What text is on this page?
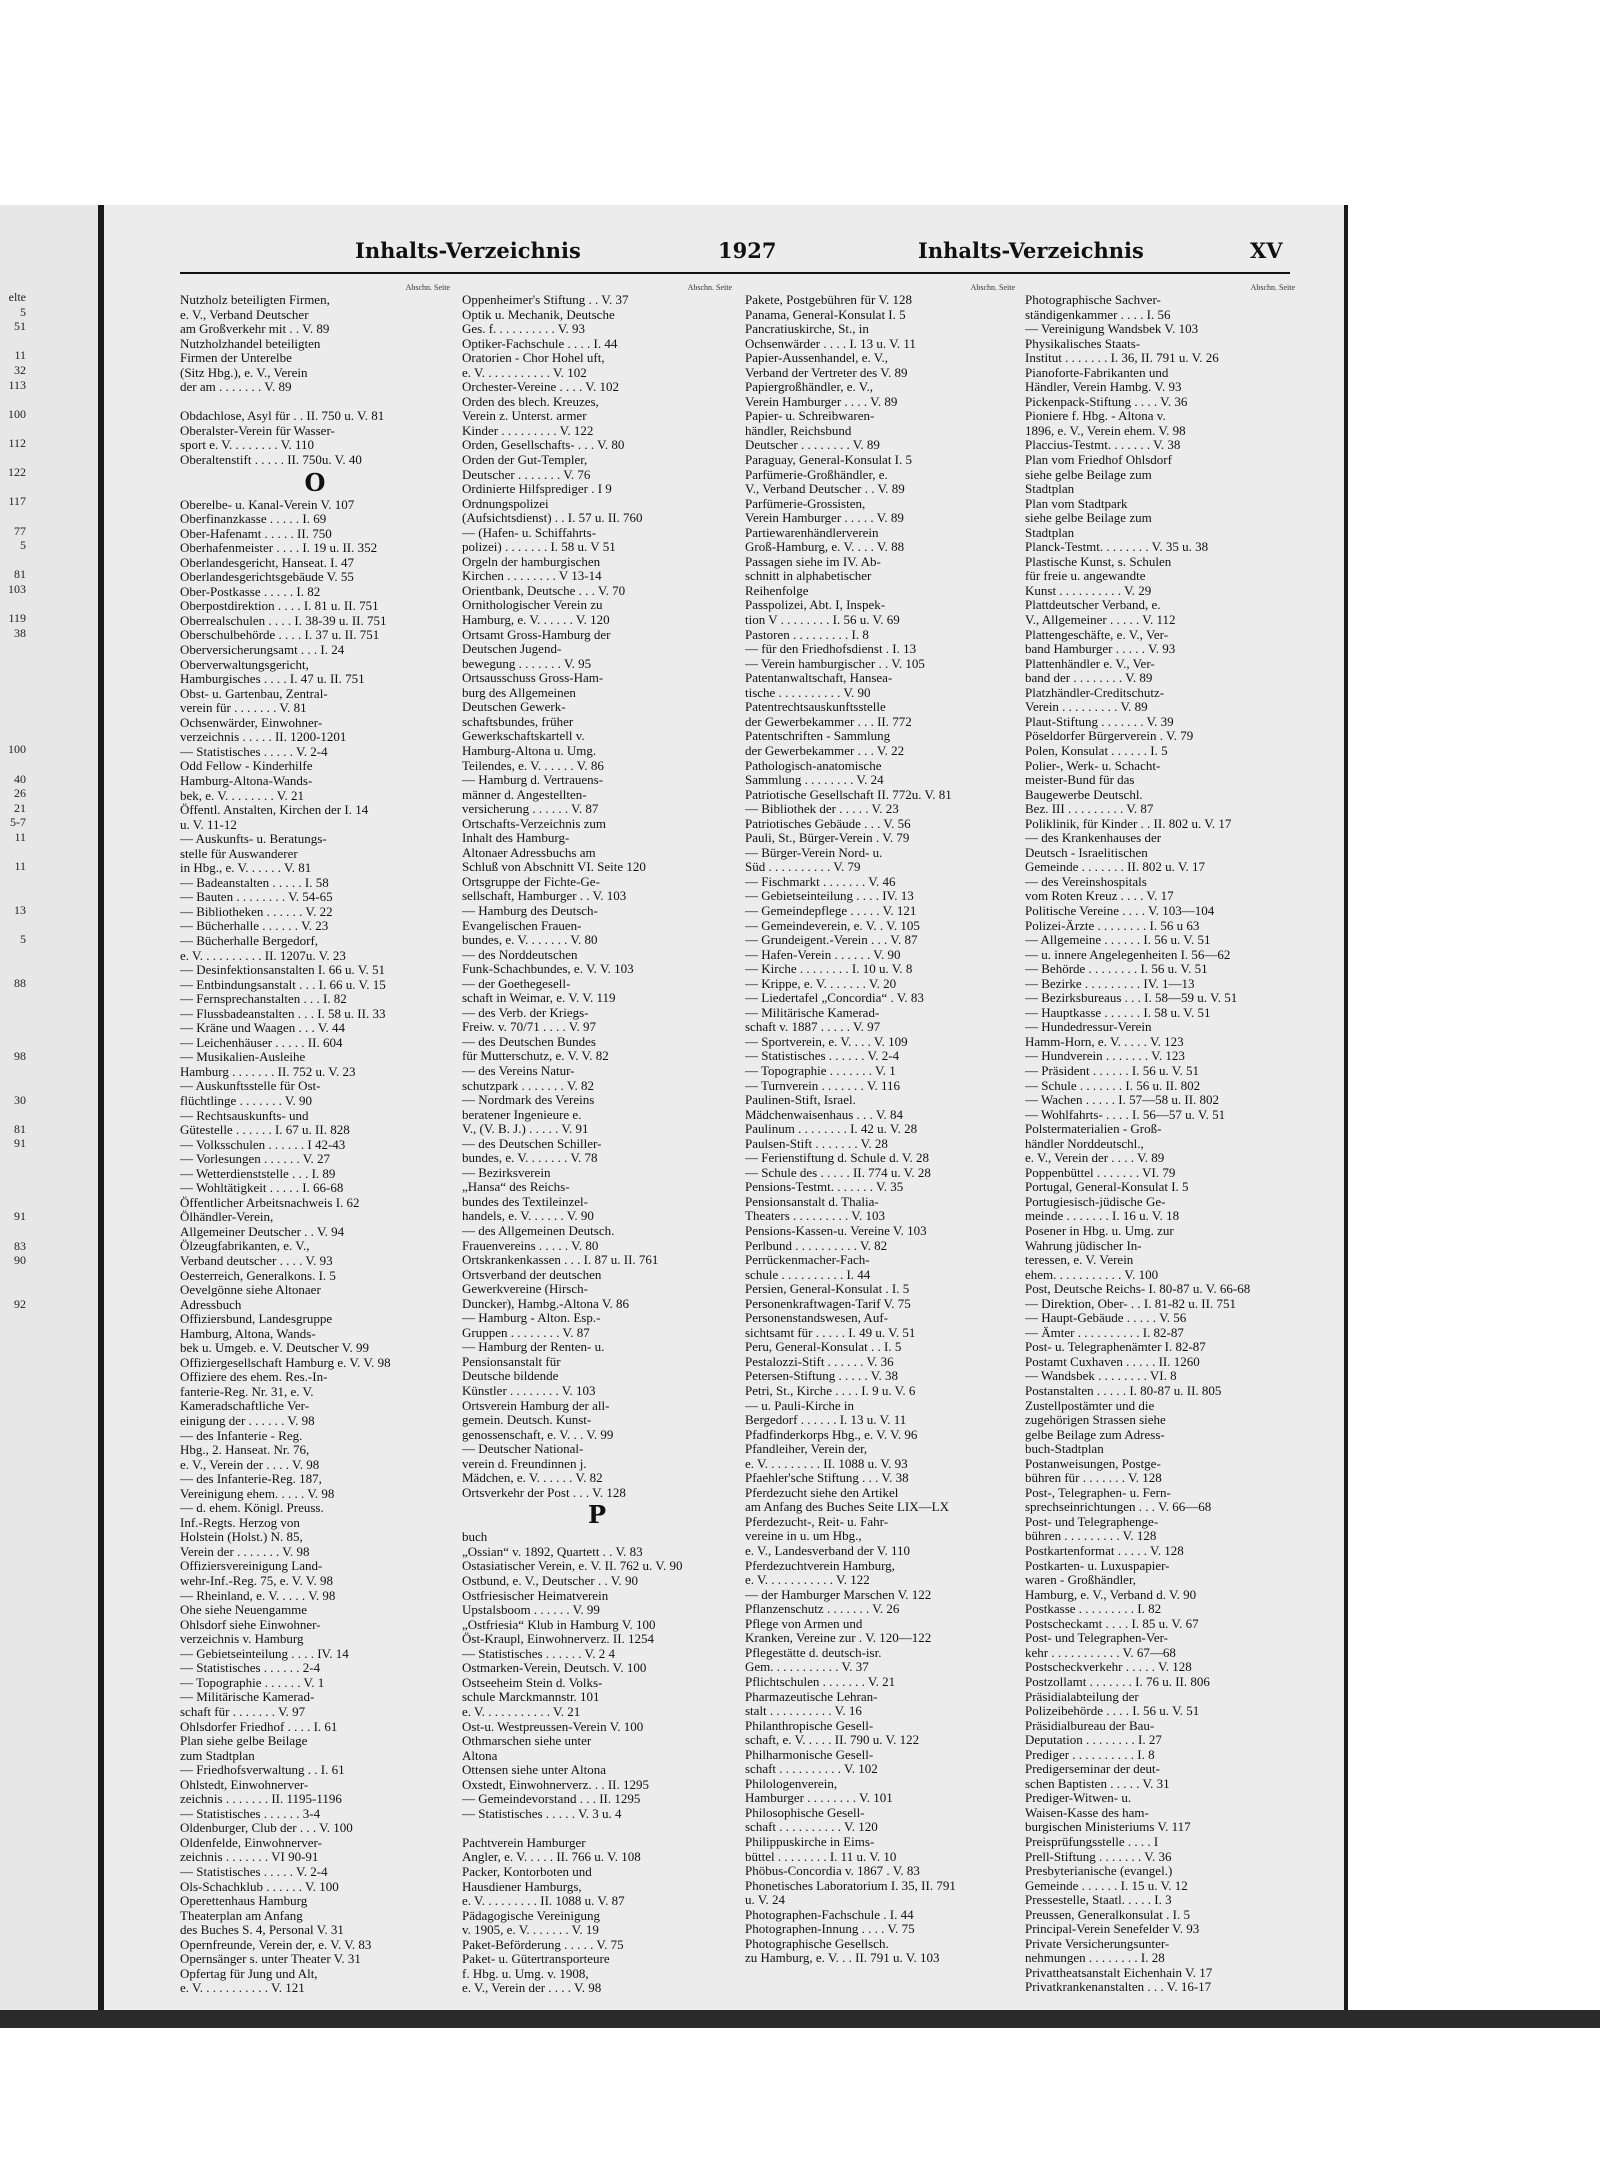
elte
5
51

11
32
113

100

112

122

117

77
5

81
103

119
38

100

40
26
21
5-7
11

11

13

5

88

98

30

81
91

91

83
90

92

Inhalts-Verzeichnis	1927	Inhalts-Verzeichnis	XV
Abschn. Seite
Nutzholz beteiligten Firmen,
e. V., Verband Deutscher
am Großverkehr mit . . V. 89
Nutzholzhandel beteiligten
Firmen der Unterelbe
(Sitz Hbg.), e. V., Verein
der am . . . . . . . V. 89

Obdachlose, Asyl für . . II. 750 u. V. 81
Oberalster-Verein für Wasser-
sport e. V. . . . . . . . V. 110
Oberaltenstift . . . . . II. 750u. V. 40
O
Oberelbe- u. Kanal-Verein V. 107
Oberfinanzkasse . . . . . I. 69
Ober-Hafenamt . . . . . II. 750
Oberhafenmeister . . . . I. 19 u. II. 352
Oberlandesgericht, Hanseat. I. 47
Oberlandesgerichtsgebäude V. 55
Ober-Postkasse . . . . . I. 82
Oberpostdirektion . . . . I. 81 u. II. 751
Oberrealschulen . . . . I. 38-39 u. II. 751
Oberschulbehörde . . . . I. 37 u. II. 751
Oberversicherungsamt . . . I. 24
Oberverwaltungsgericht,
Hamburgisches . . . . I. 47 u. II. 751
Obst- u. Gartenbau, Zentral-
verein für . . . . . . . V. 81
Ochsenwärder, Einwohner-
verzeichnis . . . . . II. 1200-1201
— Statistisches . . . . . V. 2-4
Odd Fellow - Kinderhilfe
Hamburg-Altona-Wands-
bek, e. V. . . . . . . . V. 21
Öffentl. Anstalten, Kirchen der I. 14
u. V. 11-12
— Auskunfts- u. Beratungs-
stelle für Auswanderer
in Hbg., e. V. . . . . . V. 81
— Badeanstalten . . . . . I. 58
— Bauten . . . . . . . . V. 54-65
— Bibliotheken . . . . . . V. 22
— Bücherhalle . . . . . . V. 23
— Bücherhalle Bergedorf,
e. V. . . . . . . . . . II. 1207u. V. 23
— Desinfektionsanstalten I. 66 u. V. 51
— Entbindungsanstalt . . . I. 66 u. V. 15
— Fernsprechanstalten . . . I. 82
— Flussbadeanstalten . . . I. 58 u. II. 33
— Kräne und Waagen . . . V. 44
— Leichenhäuser . . . . . II. 604
— Musikalien-Ausleihe
Hamburg . . . . . . . II. 752 u. V. 23
— Auskunftsstelle für Ost-
flüchtlinge . . . . . . . V. 90
— Rechtsauskunfts- und
Gütestelle . . . . . . I. 67 u. II. 828
— Volksschulen . . . . . . I 42-43
— Vorlesungen . . . . . . V. 27
— Wetterdienststelle . . . I. 89
— Wohltätigkeit . . . . . I. 66-68
Öffentlicher Arbeitsnachweis I. 62
Ölhändler-Verein,
Allgemeiner Deutscher . . V. 94
Ölzeugfabrikanten, e. V.,
Verband deutscher . . . . V. 93
Oesterreich, Generalkons. I. 5
Oevelgönne siehe Altonaer
Adressbuch
Offiziersbund, Landesgruppe
Hamburg, Altona, Wands-
bek u. Umgeb. e. V. Deutscher V. 99
Offiziergesellschaft Hamburg e. V. V. 98
Offiziere des ehem. Res.-In-
fanterie-Reg. Nr. 31, e. V.
Kameradschaftliche Ver-
einigung der . . . . . . V. 98
— des Infanterie - Reg.
Hbg., 2. Hanseat. Nr. 76,
e. V., Verein der . . . . V. 98
— des Infanterie-Reg. 187,
Vereinigung ehem. . . . . V. 98
— d. ehem. Königl. Preuss.
Inf.-Regts. Herzog von
Holstein (Holst.) N. 85,
Verein der . . . . . . . V. 98
Offiziersvereinigung Land-
wehr-Inf.-Reg. 75, e. V. V. 98
— Rheinland, e. V. . . . . V. 98
Ohe siehe Neuengamme
Ohlsdorf siehe Einwohner-
verzeichnis v. Hamburg
— Gebietseinteilung . . . . IV. 14
— Statistisches . . . . . . 2-4
— Topographie . . . . . . V. 1
— Militärische Kamerad-
schaft für . . . . . . . V. 97
Ohlsdorfer Friedhof . . . . I. 61
Plan siehe gelbe Beilage
zum Stadtplan
— Friedhofsverwaltung . . I. 61
Ohlstedt, Einwohnerver-
zeichnis . . . . . . . II. 1195-1196
— Statistisches . . . . . . 3-4
Oldenburger, Club der . . . V. 100
Oldenfelde, Einwohnerver-
zeichnis . . . . . . . VI 90-91
— Statistisches . . . . . V. 2-4
Ols-Schachklub . . . . . . V. 100
Operettenhaus Hamburg
Theaterplan am Anfang
des Buches S. 4, Personal V. 31
Opernfreunde, Verein der, e. V. V. 83
Opernsänger s. unter Theater V. 31
Opfertag für Jung und Alt,
e. V. . . . . . . . . . . V. 121
Abschn. Seite
Oppenheimer's Stiftung . . V. 37
Optik u. Mechanik, Deutsche
Ges. f. . . . . . . . . . V. 93
Optiker-Fachschule . . . . I. 44
Oratorien - Chor Hohel uft,
e. V. . . . . . . . . . . V. 102
Orchester-Vereine . . . . V. 102
Orden des blech. Kreuzes,
Verein z. Unterst. armer
Kinder . . . . . . . . . V. 122
Orden, Gesellschafts- . . . V. 80
Orden der Gut-Templer,
Deutscher . . . . . . . V. 76
Ordinierte Hilfsprediger . I 9
Ordnungspolizei
(Aufsichtsdienst) . . I. 57 u. II. 760
— (Hafen- u. Schiffahrts-
polizei) . . . . . . . I. 58 u. V 51
Orgeln der hamburgischen
Kirchen . . . . . . . . V 13-14
Orientbank, Deutsche . . . V. 70
Ornithologischer Verein zu
Hamburg, e. V. . . . . . V. 120
Ortsamt Gross-Hamburg der
Deutschen Jugend-
bewegung . . . . . . . V. 95
Ortsausschuss Gross-Ham-
burg des Allgemeinen
Deutschen Gewerk-
schaftsbundes, früher
Gewerkschaftskartell v.
Hamburg-Altona u. Umg.
Teilendes, e. V. . . . . . V. 86
— Hamburg d. Vertrauens-
männer d. Angestellten-
versicherung . . . . . . V. 87
Ortschafts-Verzeichnis zum
Inhalt des Hamburg-
Altonaer Adressbuchs am
Schluß von Abschnitt VI. Seite 120
Ortsgruppe der Fichte-Ge-
sellschaft, Hamburger . . V. 103
— Hamburg des Deutsch-
Evangelischen Frauen-
bundes, e. V. . . . . . . V. 80
— des Norddeutschen
Funk-Schachbundes, e. V. V. 103
— der Goethegesell-
schaft in Weimar, e. V. V. 119
— des Verb. der Kriegs-
Freiw. v. 70/71 . . . . V. 97
— des Deutschen Bundes
für Mutterschutz, e. V. V. 82
— des Vereins Natur-
schutzpark . . . . . . . V. 82
— Nordmark des Vereins
beratener Ingenieure e.
V., (V. B. J.) . . . . . V. 91
— des Deutschen Schiller-
bundes, e. V. . . . . . . V. 78
— Bezirksverein
„Hansa“ des Reichs-
bundes des Textileinzel-
handels, e. V. . . . . . V. 90
— des Allgemeinen Deutsch.
Frauenvereins . . . . . V. 80
Ortskrankenkassen . . . I. 87 u. II. 761
Ortsverband der deutschen
Gewerkvereine (Hirsch-
Duncker), Hambg.-Altona V. 86
— Hamburg - Alton. Esp.-
Gruppen . . . . . . . . V. 87
— Hamburg der Renten- u.
Pensionsanstalt für
Deutsche bildende
Künstler . . . . . . . . V. 103
Ortsverein Hamburg der all-
gemein. Deutsch. Kunst-
genossenschaft, e. V. . . V. 99
— Deutscher National-
verein d. Freundinnen j.
Mädchen, e. V. . . . . . V. 82
Ortsverkehr der Post . . . V. 128
P
buch
„Ossian“ v. 1892, Quartett . . V. 83
Ostasiatischer Verein, e. V. II. 762 u. V. 90
Ostbund, e. V., Deutscher . . V. 90
Ostfriesischer Heimatverein
Upstalsboom . . . . . . V. 99
„Ostfriesia“ Klub in Hamburg V. 100
Öst-Kraupl, Einwohnerverz. II. 1254
— Statistisches . . . . . . V. 2 4
Ostmarken-Verein, Deutsch. V. 100
Ostseeheim Stein d. Volks-
schule Marckmannstr. 101
e. V. . . . . . . . . . . V. 21
Ost-u. Westpreussen-Verein V. 100
Othmarschen siehe unter
Altona
Ottensen siehe unter Altona
Oxstedt, Einwohnerverz. . . II. 1295
— Gemeindevorstand . . . II. 1295
— Statistisches . . . . . V. 3 u. 4

Pachtverein Hamburger
Angler, e. V. . . . . II. 766 u. V. 108
Packer, Kontorboten und
Hausdiener Hamburgs,
e. V. . . . . . . . . II. 1088 u. V. 87
Pädagogische Vereinigung
v. 1905, e. V. . . . . . . V. 19
Paket-Beförderung . . . . . V. 75
Paket- u. Gütertransporteure
f. Hbg. u. Umg. v. 1908,
e. V., Verein der . . . . V. 98
Abschn. Seite
Pakete, Postgebühren für V. 128
Panama, General-Konsulat I. 5
Pancratiuskirche, St., in
Ochsenwärder . . . . I. 13 u. V. 11
Papier-Aussenhandel, e. V.,
Verband der Vertreter des V. 89
Papiergroßhändler, e. V.,
Verein Hamburger . . . . V. 89
Papier- u. Schreibwaren-
händler, Reichsbund
Deutscher . . . . . . . . V. 89
Paraguay, General-Konsulat I. 5
Parfümerie-Großhändler, e.
V., Verband Deutscher . . V. 89
Parfümerie-Grossisten,
Verein Hamburger . . . . . V. 89
Partiewarenhändlerverein
Groß-Hamburg, e. V. . . . V. 88
Passagen siehe im IV. Ab-
schnitt in alphabetischer
Reihenfolge
Passpolizei, Abt. I, Inspek-
tion V . . . . . . . . I. 56 u. V. 69
Pastoren . . . . . . . . . I. 8
— für den Friedhofsdienst . I. 13
— Verein hamburgischer . . V. 105
Patentanwaltschaft, Hansea-
tische . . . . . . . . . . V. 90
Patentrechtsauskunftsstelle
der Gewerbekammer . . . II. 772
Patentschriften - Sammlung
der Gewerbekammer . . . V. 22
Pathologisch-anatomische
Sammlung . . . . . . . . V. 24
Patriotische Gesellschaft II. 772u. V. 81
— Bibliothek der . . . . . V. 23
Patriotisches Gebäude . . . V. 56
Pauli, St., Bürger-Verein . V. 79
— Bürger-Verein Nord- u.
Süd . . . . . . . . . . V. 79
— Fischmarkt . . . . . . . V. 46
— Gebietseinteilung . . . . IV. 13
— Gemeindepflege . . . . . V. 121
— Gemeindeverein, e. V. . V. 105
— Grundeigent.-Verein . . . V. 87
— Hafen-Verein . . . . . . V. 90
— Kirche . . . . . . . . I. 10 u. V. 8
— Krippe, e. V. . . . . . . V. 20
— Liedertafel „Concordia“ . V. 83
— Militärische Kamerad-
schaft v. 1887 . . . . . V. 97
— Sportverein, e. V. . . . V. 109
— Statistisches . . . . . . V. 2-4
— Topographie . . . . . . . V. 1
— Turnverein . . . . . . . V. 116
Paulinen-Stift, Israel.
Mädchenwaisenhaus . . . V. 84
Paulinum . . . . . . . . I. 42 u. V. 28
Paulsen-Stift . . . . . . . V. 28
— Ferienstiftung d. Schule d. V. 28
— Schule des . . . . . II. 774 u. V. 28
Pensions-Testmt. . . . . . . V. 35
Pensionsanstalt d. Thalia-
Theaters . . . . . . . . . V. 103
Pensions-Kassen-u. Vereine V. 103
Perlbund . . . . . . . . . . V. 82
Perrückenmacher-Fach-
schule . . . . . . . . . . I. 44
Persien, General-Konsulat . I. 5
Personenkraftwagen-Tarif V. 75
Personenstandswesen, Auf-
sichtsamt für . . . . . I. 49 u. V. 51
Peru, General-Konsulat . . I. 5
Pestalozzi-Stift . . . . . . V. 36
Petersen-Stiftung . . . . . V. 38
Petri, St., Kirche . . . . I. 9 u. V. 6
— u. Pauli-Kirche in
Bergedorf . . . . . . I. 13 u. V. 11
Pfadfinderkorps Hbg., e. V. V. 96
Pfandleiher, Verein der,
e. V. . . . . . . . . II. 1088 u. V. 93
Pfaehler'sche Stiftung . . . V. 38
Pferdezucht siehe den Artikel
am Anfang des Buches Seite LIX—LX
Pferdezucht-, Reit- u. Fahr-
vereine in u. um Hbg.,
e. V., Landesverband der V. 110
Pferdezuchtverein Hamburg,
e. V. . . . . . . . . . . V. 122
— der Hamburger Marschen V. 122
Pflanzenschutz . . . . . . . V. 26
Pflege von Armen und
Kranken, Vereine zur . V. 120—122
Pflegestätte d. deutsch-isr.
Gem. . . . . . . . . . . V. 37
Pflichtschulen . . . . . . . V. 21
Pharmazeutische Lehran-
stalt . . . . . . . . . . V. 16
Philanthropische Gesell-
schaft, e. V. . . . . II. 790 u. V. 122
Philharmonische Gesell-
schaft . . . . . . . . . . V. 102
Philologenverein,
Hamburger . . . . . . . . V. 101
Philosophische Gesell-
schaft . . . . . . . . . . V. 120
Philippuskirche in Eims-
büttel . . . . . . . . I. 11 u. V. 10
Phöbus-Concordia v. 1867 . V. 83
Phonetisches Laboratorium I. 35, II. 791
u. V. 24
Photographen-Fachschule . I. 44
Photographen-Innung . . . . V. 75
Photographische Gesellsch.
zu Hamburg, e. V. . . II. 791 u. V. 103
Abschn. Seite
Photographische Sachver-
ständigenkammer . . . . I. 56
— Vereinigung Wandsbek V. 103
Physikalisches Staats-
Institut . . . . . . . I. 36, II. 791 u. V. 26
Pianoforte-Fabrikanten und
Händler, Verein Hambg. V. 93
Pickenpack-Stiftung . . . . V. 36
Pioniere f. Hbg. - Altona v.
1896, e. V., Verein ehem. V. 98
Placcius-Testmt. . . . . . . V. 38
Plan vom Friedhof Ohlsdorf
siehe gelbe Beilage zum
Stadtplan
Plan vom Stadtpark
siehe gelbe Beilage zum
Stadtplan
Planck-Testmt. . . . . . . . V. 35 u. 38
Plastische Kunst, s. Schulen
für freie u. angewandte
Kunst . . . . . . . . . . V. 29
Plattdeutscher Verband, e.
V., Allgemeiner . . . . . V. 112
Plattengeschäfte, e. V., Ver-
band Hamburger . . . . . V. 93
Plattenhändler e. V., Ver-
band der . . . . . . . . V. 89
Platzhändler-Creditschutz-
Verein . . . . . . . . . V. 89
Plaut-Stiftung . . . . . . . V. 39
Pöseldorfer Bürgerverein . V. 79
Polen, Konsulat . . . . . . I. 5
Polier-, Werk- u. Schacht-
meister-Bund für das
Baugewerbe Deutschl.
Bez. III . . . . . . . . . V. 87
Poliklinik, für Kinder . . II. 802 u. V. 17
— des Krankenhauses der
Deutsch - Israelitischen
Gemeinde . . . . . . . II. 802 u. V. 17
— des Vereinshospitals
vom Roten Kreuz . . . . V. 17
Politische Vereine . . . . V. 103—104
Polizei-Ärzte . . . . . . . . I. 56 u 63
— Allgemeine . . . . . . I. 56 u. V. 51
— u. innere Angelegenheiten I. 56—62
— Behörde . . . . . . . . I. 56 u. V. 51
— Bezirke . . . . . . . . . IV. 1—13
— Bezirksbureaus . . . I. 58—59 u. V. 51
— Hauptkasse . . . . . . I. 58 u. V. 51
— Hundedressur-Verein
Hamm-Horn, e. V. . . . . V. 123
— Hundverein . . . . . . . V. 123
— Präsident . . . . . . I. 56 u. V. 51
— Schule . . . . . . . I. 56 u. II. 802
— Wachen . . . . . I. 57—58 u. II. 802
— Wohlfahrts- . . . . I. 56—57 u. V. 51
Polstermaterialien - Groß-
händler Norddeutschl.,
e. V., Verein der . . . . V. 89
Poppenbüttel . . . . . . . VI. 79
Portugal, General-Konsulat I. 5
Portugiesisch-jüdische Ge-
meinde . . . . . . . I. 16 u. V. 18
Posener in Hbg. u. Umg. zur
Wahrung jüdischer In-
teressen, e. V. Verein
ehem. . . . . . . . . . . V. 100
Post, Deutsche Reichs- I. 80-87 u. V. 66-68
— Direktion, Ober- . . I. 81-82 u. II. 751
— Haupt-Gebäude . . . . . V. 56
— Ämter . . . . . . . . . . I. 82-87
Post- u. Telegraphenämter I. 82-87
Postamt Cuxhaven . . . . . II. 1260
— Wandsbek . . . . . . . . VI. 8
Postanstalten . . . . . I. 80-87 u. II. 805
Zustellpostämter und die
zugehörigen Strassen siehe
gelbe Beilage zum Adress-
buch-Stadtplan
Postanweisungen, Postge-
bühren für . . . . . . . V. 128
Post-, Telegraphen- u. Fern-
sprechseinrichtungen . . . V. 66—68
Post- und Telegraphenge-
bühren . . . . . . . . . V. 128
Postkartenformat . . . . . V. 128
Postkarten- u. Luxuspapier-
waren - Großhändler,
Hamburg, e. V., Verband d. V. 90
Postkasse . . . . . . . . . I. 82
Postscheckamt . . . . I. 85 u. V. 67
Post- und Telegraphen-Ver-
kehr . . . . . . . . . . . V. 67—68
Postscheckverkehr . . . . . V. 128
Postzollamt . . . . . . . I. 76 u. II. 806
Präsidialabteilung der
Polizeibehörde . . . . I. 56 u. V. 51
Präsidialbureau der Bau-
Deputation . . . . . . . . I. 27
Prediger . . . . . . . . . . I. 8
Predigerseminar der deut-
schen Baptisten . . . . . V. 31
Prediger-Witwen- u.
Waisen-Kasse des ham-
burgischen Ministeriums V. 117
Preisprüfungsstelle . . . . I
Prell-Stiftung . . . . . . . V. 36
Presbyterianische (evangel.)
Gemeinde . . . . . . I. 15 u. V. 12
Pressestelle, Staatl. . . . . I. 3
Preussen, Generalkonsulat . I. 5
Principal-Verein Senefelder V. 93
Private Versicherungsunter-
nehmungen . . . . . . . . I. 28
Privattheatsanstalt Eichenhain V. 17
Privatkrankenanstalten . . . V. 16-17
